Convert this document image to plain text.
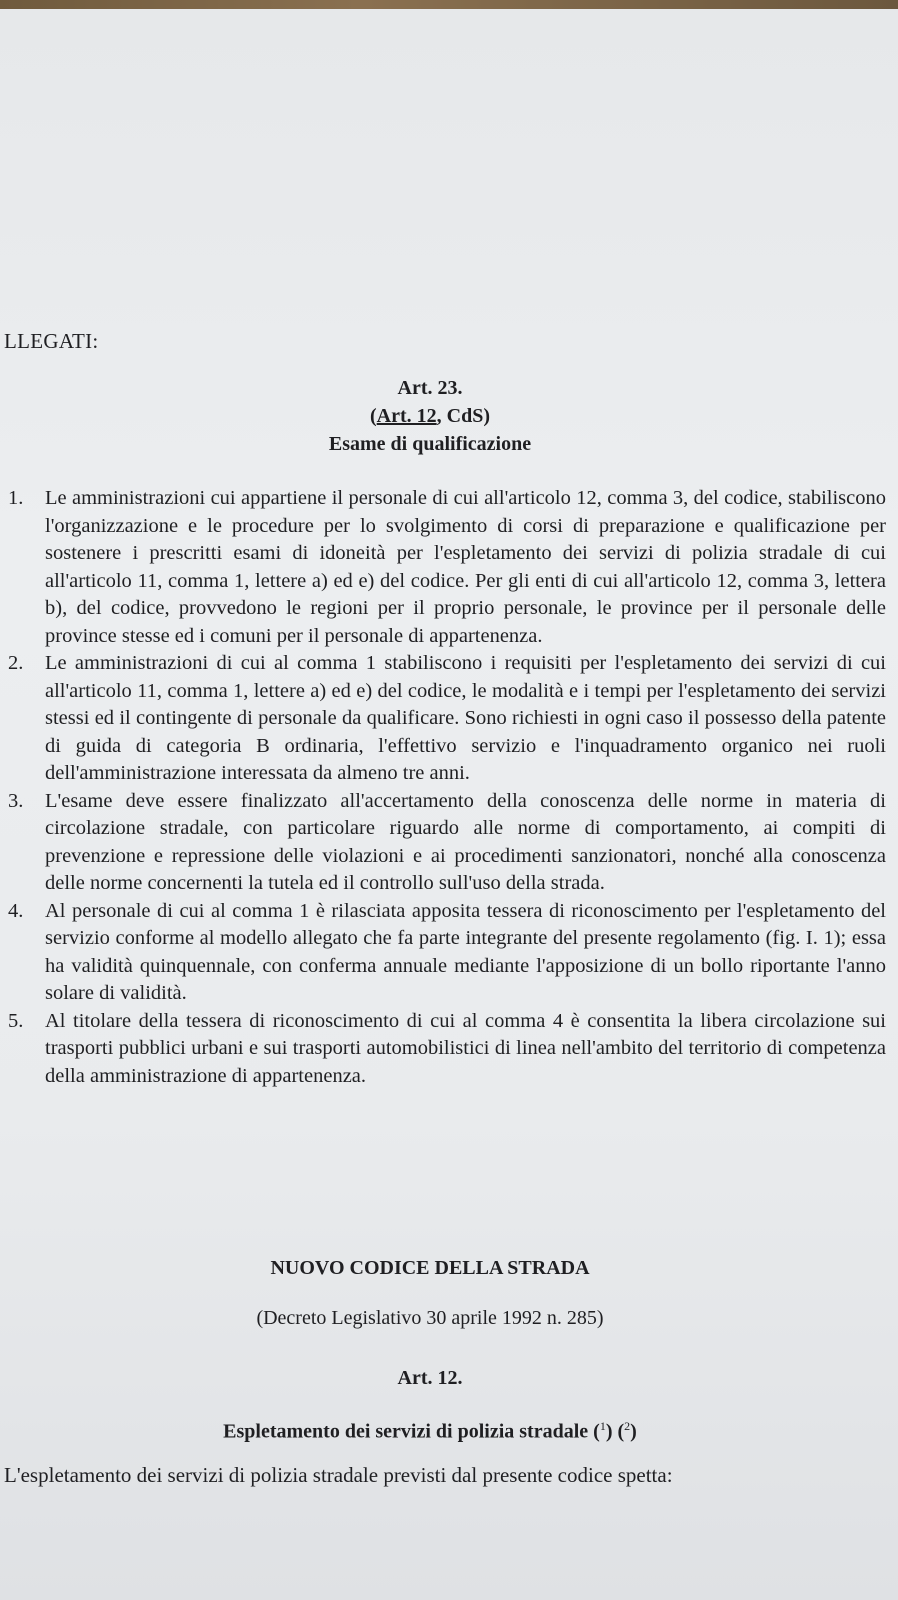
LLEGATI:
Art. 23.
(Art. 12, CdS)
Esame di qualificazione
1.	Le amministrazioni cui appartiene il personale di cui all'articolo 12, comma 3, del codice, stabiliscono l'organizzazione e le procedure per lo svolgimento di corsi di preparazione e qualificazione per sostenere i prescritti esami di idoneità per l'espletamento dei servizi di polizia stradale di cui all'articolo 11, comma 1, lettere a) ed e) del codice. Per gli enti di cui all'articolo 12, comma 3, lettera b), del codice, provvedono le regioni per il proprio personale, le province per il personale delle province stesse ed i comuni per il personale di appartenenza.
2.	Le amministrazioni di cui al comma 1 stabiliscono i requisiti per l'espletamento dei servizi di cui all'articolo 11, comma 1, lettere a) ed e) del codice, le modalità e i tempi per l'espletamento dei servizi stessi ed il contingente di personale da qualificare. Sono richiesti in ogni caso il possesso della patente di guida di categoria B ordinaria, l'effettivo servizio e l'inquadramento organico nei ruoli dell'amministrazione interessata da almeno tre anni.
3.	L'esame deve essere finalizzato all'accertamento della conoscenza delle norme in materia di circolazione stradale, con particolare riguardo alle norme di comportamento, ai compiti di prevenzione e repressione delle violazioni e ai procedimenti sanzionatori, nonché alla conoscenza delle norme concernenti la tutela ed il controllo sull'uso della strada.
4.	Al personale di cui al comma 1 è rilasciata apposita tessera di riconoscimento per l'espletamento del servizio conforme al modello allegato che fa parte integrante del presente regolamento (fig. I. 1); essa ha validità quinquennale, con conferma annuale mediante l'apposizione di un bollo riportante l'anno solare di validità.
5.	Al titolare della tessera di riconoscimento di cui al comma 4 è consentita la libera circolazione sui trasporti pubblici urbani e sui trasporti automobilistici di linea nell'ambito del territorio di competenza della amministrazione di appartenenza.
NUOVO CODICE DELLA STRADA
(Decreto Legislativo 30 aprile 1992 n. 285)
Art. 12.
Espletamento dei servizi di polizia stradale ($^1$) ($^2$)
L'espletamento dei servizi di polizia stradale previsti dal presente codice spetta:
